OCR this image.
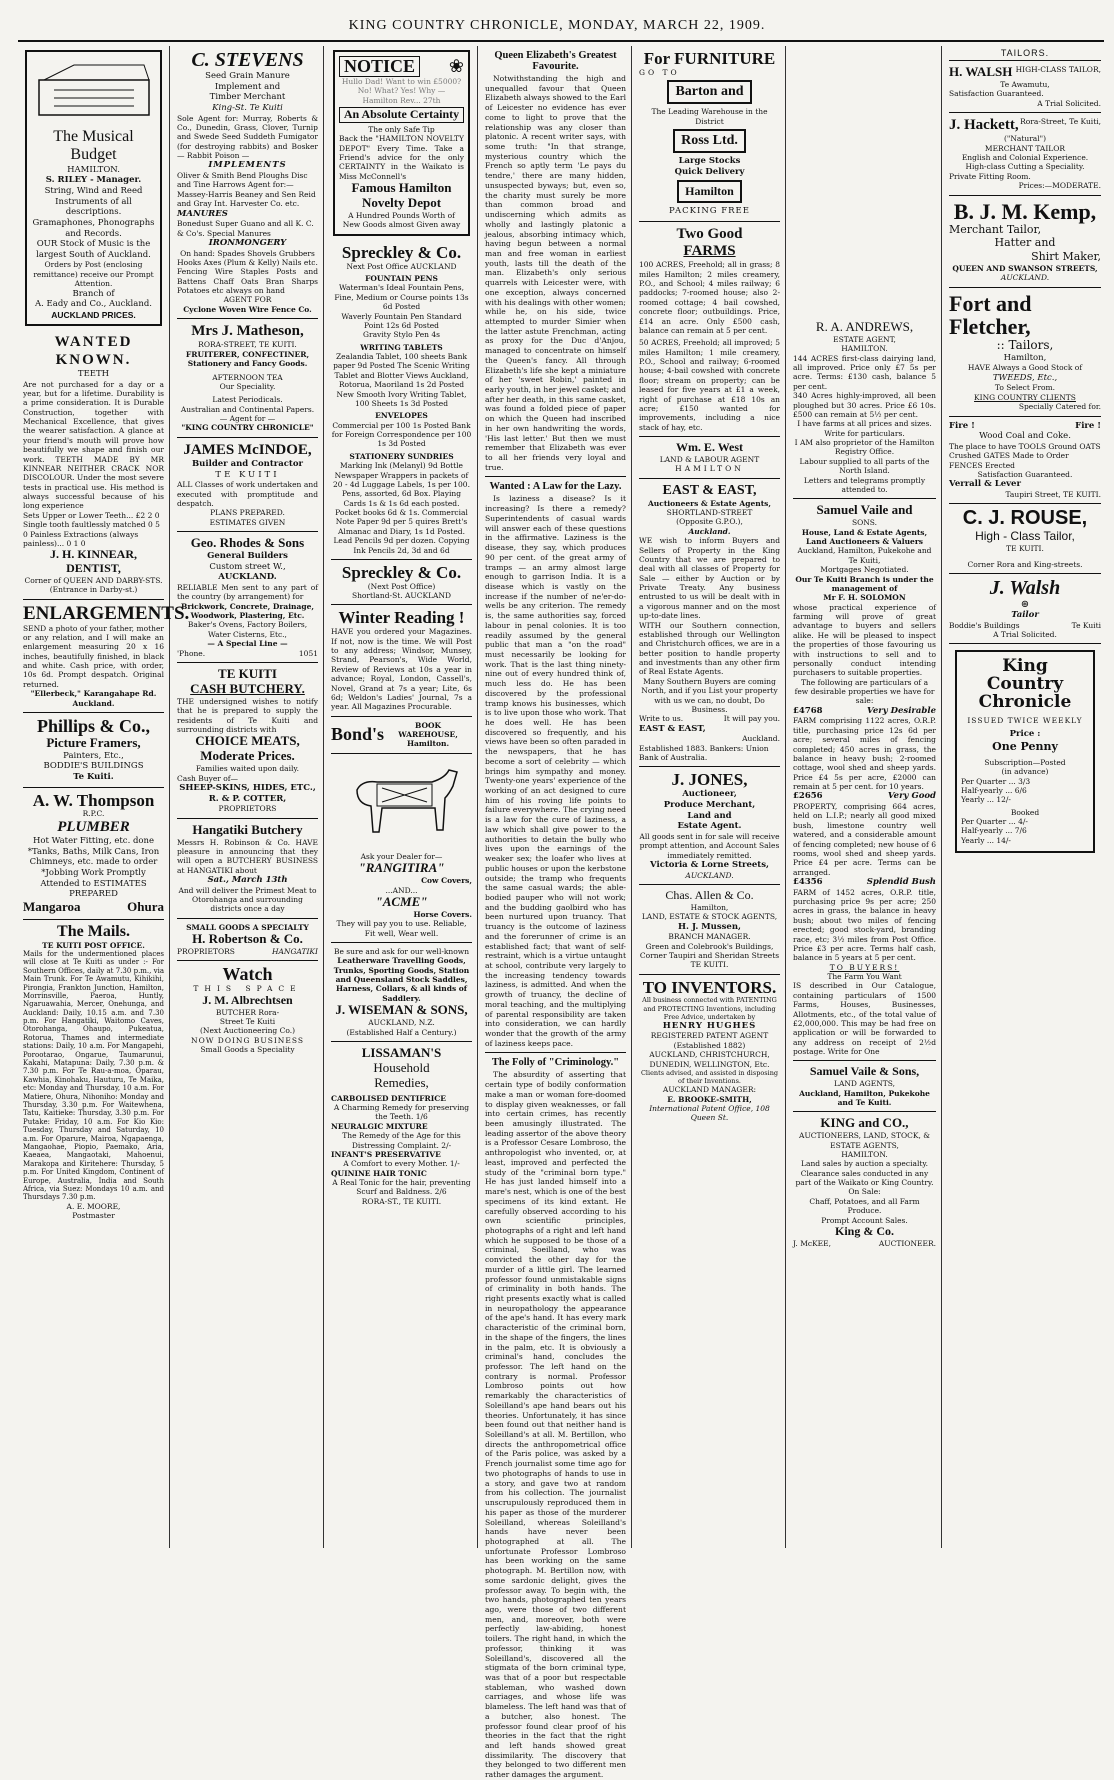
KING COUNTRY CHRONICLE, MONDAY, MARCH 22, 1909.
The Musical Budget
HAMILTON.
S. RILEY - Manager.
String, Wind and Reed
Instruments of all descriptions.
Gramaphones, Phonographs and Records.
OUR Stock of Music is the largest South of Auckland.
Orders by Post (enclosing remittance) receive our Prompt Attention.
Branch of
A. Eady and Co., Auckland.
AUCKLAND PRICES.
WANTED KNOWN.
TEETH
Are not purchased for a day or a year, but for a lifetime. Durability is a prime consideration. It is Durable Construction, together with Mechanical Excellence, that gives the wearer satisfaction. A glance at your friend's mouth will prove how beautifully we shape and finish our work. TEETH MADE BY MR KINNEAR NEITHER CRACK NOR DISCOLOUR. Under the most severe tests in practical use. His method is always successful because of his long experience
Sets Upper or Lower Teeth... £2 2 0 Single tooth faultlessly matched 0 5 0 Painless Extractions (always painless)... 0 1 0
J. H. KINNEAR, DENTIST,
Corner of QUEEN AND DARBY-STS. (Entrance in Darby-st.)
ENLARGEMENTS.
SEND a photo of your father, mother or any relation, and I will make an enlargement measuring 20 x 16 inches, beautifully finished, in black and white. Cash price, with order, 10s 6d. Prompt despatch. Original returned.
"Ellerbeck," Karangahape Rd. Auckland.
Phillips & Co.,
Picture Framers,
Painters, Etc.,
BODDIE'S BUILDINGS
Te Kuiti.
A. W. Thompson
R.P.C.
PLUMBER
Hot Water Fitting, etc. done *Tanks, Baths, Milk Cans, Iron Chimneys, etc. made to order *Jobbing Work Promptly Attended to ESTIMATES PREPARED
Mangaroa	Ohura
The Mails.
TE KUITI POST OFFICE.
Mails for the undermentioned places will close at Te Kuiti as under :- For Southern Offices, daily at 7.30 p.m., via Main Trunk. For Te Awamutu, Kihikihi, Pirongia, Frankton Junction, Hamilton, Morrinsville, Paeroa, Huntly, Ngaruawahia, Mercer, Onehunga, and Auckland: Daily, 10.15 a.m. and 7.30 p.m. For Hangatiki, Waitomo Caves, Otorohanga, Ohaupo, Pukeatua, Rotorua, Thames and intermediate stations: Daily, 10 a.m. For Mangapehi, Porootarao, Ongarue, Taumarunui, Kakahi, Matapuna: Daily, 7.30 p.m. & 7.30 p.m. For Te Rau-a-moa, Oparau, Kawhia, Kinohaku, Hauturu, Te Maika, etc: Monday and Thursday, 10 a.m. For Matiere, Ohura, Nihoniho: Monday and Thursday, 3.30 p.m. For Waitewhena, Tatu, Kaitieke: Thursday, 3.30 p.m. For Putake: Friday, 10 a.m. For Kio Kio: Tuesday, Thursday and Saturday, 10 a.m. For Oparure, Mairoa, Ngapaenga, Mangaohae, Piopio, Paemako, Aria, Kaeaea, Mangaotaki, Mahoenui, Marakopa and Kiritehere: Thursday, 5 p.m. For United Kingdom, Continent of Europe, Australia, India and South Africa, via Suez: Mondays 10 a.m. and Thursdays 7.30 p.m.
A. E. MOORE,
Postmaster
C. STEVENS
Seed Grain Manure
Implement and
Timber Merchant
King-St. Te Kuiti
Sole Agent for: Murray, Roberts & Co., Dunedin, Grass, Clover, Turnip and Swede Seed Suddeth Fumigator (for destroying rabbits) and Bosker — Rabbit Poison —
IMPLEMENTS
Oliver & Smith Bend Ploughs Disc and Tine Harrows Agent for:—Massey-Harris Beaney and Sen Reid and Gray Int. Harvester Co. etc.
MANURES
Bonedust Super Guano and all K. C. & Co's. Special Manures
IRONMONGERY
On hand: Spades Shovels Grubbers Hooks Axes (Plum & Kelly) Nails etc.
Fencing Wire Staples Posts and Battens Chaff Oats Bran Sharps Potatoes etc always on hand
AGENT FOR
Cyclone Woven Wire Fence Co.
Mrs J. Matheson,
RORA-STREET, TE KUITI.
FRUITERER, CONFECTINER,
Stationery and Fancy Goods.
AFTERNOON TEA
Our Speciality.
Latest Periodicals.
Australian and Continental Papers.
— Agent for —
"KING COUNTRY CHRONICLE"
JAMES McINDOE,
Builder and Contractor
TE KUITI
ALL Classes of work undertaken and executed with promptitude and despatch.
PLANS PREPARED.
ESTIMATES GIVEN
Geo. Rhodes & Sons
General Builders
Custom street W.,
AUCKLAND.
RELIABLE Men sent to any part of the country (by arrangement) for
Brickwork, Concrete, Drainage, Woodwork, Plastering, Etc.
Baker's Ovens, Factory Boilers, Water Cisterns, Etc.,
— A Special Line —
'Phone.	1051
TE KUITI
CASH BUTCHERY.
THE undersigned wishes to notify that he is prepared to supply the residents of Te Kuiti and surrounding districts with
CHOICE MEATS,
Moderate Prices.
Families waited upon daily.
Cash Buyer of—
SHEEP-SKINS, HIDES, ETC.,
R. & P. COTTER,
PROPRIETORS
Hangatiki Butchery
Messrs H. Robinson & Co. HAVE pleasure in announcing that they will open a BUTCHERY BUSINESS at HANGATIKI about
Sat., March 13th
And will deliver the Primest Meat to Otorohanga and surrounding districts once a day
SMALL GOODS A SPECIALTY
H. Robertson & Co.
PROPRIETORS	HANGATIKI
Watch
THIS SPACE
J. M. Albrechtsen
BUTCHER Rora-
Street Te Kuiti
(Next Auctioneering Co.)
NOW DOING BUSINESS
Small Goods a Speciality
NOTICE ❀
Hullo Dad! Want to win £5000? No! What? Yes! Why — Hamilton Rev... 27th
An Absolute Certainty
The only Safe Tip
Back the "HAMILTON NOVELTY DEPOT" Every Time. Take a Friend's advice for the only CERTAINTY in the Waikato is Miss McConnell's
Famous Hamilton Novelty Depot
A Hundred Pounds Worth of New Goods almost Given away
Spreckley & Co.
Next Post Office AUCKLAND
FOUNTAIN PENS
Waterman's Ideal Fountain Pens, Fine, Medium or Course points 13s 6d Posted
Waverly Fountain Pen Standard Point 12s 6d Posted
Gravity Stylo Pen 4s
WRITING TABLETS
Zealandia Tablet, 100 sheets Bank paper 9d Posted The Scenic Writing Tablet and Blotter Views Auckland, Rotorua, Maoriland 1s 2d Posted New Smooth Ivory Writing Tablet, 100 Sheets 1s 3d Posted
ENVELOPES
Commercial per 100 1s Posted Bank for Foreign Correspondence per 100 1s 3d Posted
STATIONERY SUNDRIES
Marking Ink (Melanyl) 9d Bottle Newspaper Wrappers in packets of 20 - 4d Luggage Labels, 1s per 100. Pens, assorted, 6d Box. Playing Cards 1s & 1s 6d each posted. Pocket books 6d & 1s. Commercial Note Paper 9d per 5 quires Brett's Almanac and Diary, 1s 1d Posted. Lead Pencils 9d per dozen. Copying Ink Pencils 2d, 3d and 6d
Spreckley & Co.
(Next Post Office)
Shortland-St. AUCKLAND
Winter Reading !
HAVE you ordered your Magazines. If not, now is the time. We will Post to any address; Windsor, Munsey, Strand, Pearson's, Wide World, Review of Reviews at 10s a year in advance; Royal, London, Cassell's, Novel, Grand at 7s a year; Lite, 6s 6d; Weldon's Ladies' Journal, 7s a year. All Magazines Procurable.
Bond's	BOOK WAREHOUSE,
Hamilton.
Ask your Dealer for—
"RANGITIRA"
Cow Covers,
...AND...
"ACME"
Horse Covers.
They will pay you to use. Reliable, Fit well, Wear well.
Be sure and ask for our well-known
Leatherware Travelling Goods, Trunks, Sporting Goods, Station and Queensland Stock Saddles, Harness, Collars, & all kinds of Saddlery.
J. WISEMAN & SONS,
AUCKLAND, N.Z.
(Established Half a Century.)
LISSAMAN'S
Household
Remedies,
CARBOLISED DENTIFRICE
A Charming Remedy for preserving the Teeth. 1/6
NEURALGIC MIXTURE
The Remedy of the Age for this Distressing Complaint. 2/-
INFANT'S PRESERVATIVE
A Comfort to every Mother. 1/-
QUININE HAIR TONIC
A Real Tonic for the hair, preventing Scurf and Baldness. 2/6
RORA-ST., TE KUITI.
Queen Elizabeth's Greatest Favourite.
Notwithstanding the high and unequalled favour that Queen Elizabeth always showed to the Earl of Leicester no evidence has ever come to light to prove that the relationship was any closer than platonic. A recent writer says, with some truth: "In that strange, mysterious country which the French so aptly term 'Le pays du tendre,' there are many hidden, unsuspected byways; but, even so, the charity must surely be more than common broad and undiscerning which admits as wholly and lastingly platonic a jealous, absorbing intimacy which, having begun between a normal man and free woman in earliest youth, lasts till the death of the man. Elizabeth's only serious quarrels with Leicester were, with one exception, always concerned with his dealings with other women; while he, on his side, twice attempted to murder Simier when the latter astute Frenchman, acting as proxy for the Duc d'Anjou, managed to concentrate on himself the Queen's fancy. All through Elizabeth's life she kept a miniature of her 'sweet Robin,' painted in early youth, in her jewel casket; and after her death, in this same casket, was found a folded piece of paper on which the Queen had inscribed in her own handwriting the words, 'His last letter.' But then we must remember that Elizabeth was ever to all her friends very loyal and true.
Wanted : A Law for the Lazy.
Is laziness a disease? Is it increasing? Is there a remedy? Superintendents of casual wards will answer each of these questions in the affirmative. Laziness is the disease, they say, which produces 90 per cent. of the great army of tramps — an army almost large enough to garrison India. It is a disease which is vastly on the increase if the number of ne'er-do-wells be any criterion. The remedy is, the same authorities say, forced labour in penal colonies. It is too readily assumed by the general public that man a "on the road" must necessarily be looking for work. That is the last thing ninety-nine out of every hundred think of, much less do. He has been discovered by the professional tramp knows his businesses, which is to live upon those who work. That he does well. He has been discovered so frequently, and his views have been so often paraded in the newspapers, that he has become a sort of celebrity — which brings him sympathy and money. Twenty-one years' experience of the working of an act designed to cure him of his roving life points to failure everywhere. The crying need is a law for the cure of laziness, a law which shall give power to the authorities to detain the bully who lives upon the earnings of the weaker sex; the loafer who lives at public houses or upon the kerbstone outside; the tramp who frequents the same casual wards; the able-bodied pauper who will not work; and the budding gaolbird who has been nurtured upon truancy. That truancy is the outcome of laziness and the forerunner of crime is an established fact; that want of self-restraint, which is a virtue untaught at school, contribute very largely to the increasing tendency towards laziness, is admitted. And when the growth of truancy, the decline of moral teaching, and the multiplying of parental responsibility are taken into consideration, we can hardly wonder that the growth of the army of laziness keeps pace.
The Folly of "Criminology."
The absurdity of asserting that certain type of bodily conformation make a man or woman fore-doomed to display given weaknesses, or fall into certain crimes, has recently been amusingly illustrated. The leading assertor of the above theory is a Professor Cesare Lombroso, the anthropologist who invented, or, at least, improved and perfected the study of the "criminal born type." He has just landed himself into a mare's nest, which is one of the best specimens of its kind extant. He carefully observed according to his own scientific principles, photographs of a right and left hand which he supposed to be those of a criminal, Soeilland, who was convicted the other day for the murder of a little girl. The learned professor found unmistakable signs of criminality in both hands. The right presents exactly what is called in neuropathology the appearance of the ape's hand. It has every mark characteristic of the criminal born, in the shape of the fingers, the lines in the palm, etc. It is obviously a criminal's hand, concludes the professor. The left hand on the contrary is normal. Professor Lombroso points out how remarkably the characteristics of Soleilland's ape hand bears out his theories. Unfortunately, it has since been found out that neither hand is Soleilland's at all. M. Bertillon, who directs the anthropometrical office of the Paris police, was asked by a French journalist some time ago for two photographs of hands to use in a story, and gave two at random from his collection. The journalist unscrupulously reproduced them in his paper as those of the murderer Soleilland, whereas Soleilland's hands have never been photographed at all. The unfortunate Professor Lombroso has been working on the same photograph. M. Bertillon now, with some sardonic delight, gives the professor away. To begin with, the two hands, photographed ten years ago, were those of two different men, and, moreover, both were perfectly law-abiding, honest toilers. The right hand, in which the professor, thinking it was Soleilland's, discovered all the stigmata of the born criminal type, was that of a poor but respectable stableman, who washed down carriages, and whose life was blameless. The left hand was that of a butcher, also honest. The professor found clear proof of his theories in the fact that the right and left hands showed great dissimilarity. The discovery that they belonged to two different men rather damages the argument.
For FURNITURE
GO TO
Barton and
The Leading Warehouse in the District
Ross Ltd.
Large Stocks
Quick Delivery
Hamilton
PACKING FREE
Two Good
FARMS
100 ACRES, Freehold; all in grass; 8 miles Hamilton; 2 miles creamery, P.O., and School; 4 miles railway; 6 paddocks; 7-roomed house; also 2-roomed cottage; 4 bail cowshed, concrete floor; outbuildings. Price, £14 an acre. Only £500 cash, balance can remain at 5 per cent.
50 ACRES, Freehold; all improved; 5 miles Hamilton; 1 mile creamery, P.O., School and railway; 6-roomed house; 4-bail cowshed with concrete floor; stream on property; can be leased for five years at £1 a week, right of purchase at £18 10s an acre; £150 wanted for improvements, including a nice stack of hay, etc.
Wm. E. West
LAND & LABOUR AGENT
HAMILTON
EAST & EAST,
Auctioneers & Estate Agents,
SHORTLAND-STREET
(Opposite G.P.O.),
Auckland.
WE wish to inform Buyers and Sellers of Property in the King Country that we are prepared to deal with all classes of Property for Sale — either by Auction or by Private Treaty. Any business entrusted to us will be dealt with in a vigorous manner and on the most up-to-date lines.
WITH our Southern connection, established through our Wellington and Christchurch offices, we are in a better position to handle property and investments than any other firm of Real Estate Agents.
Many Southern Buyers are coming North, and if you List your property with us we can, no doubt, Do Business.
Write to us.	It will pay you.
EAST & EAST,
Auckland.
Established 1883. Bankers: Union Bank of Australia.
J. JONES,
Auctioneer,
Produce Merchant,
Land and
Estate Agent.
All goods sent in for sale will receive prompt attention, and Account Sales immediately remitted.
Victoria & Lorne Streets,
AUCKLAND.
Chas. Allen & Co.
Hamilton,
LAND, ESTATE & STOCK AGENTS,
H. J. Mussen,
BRANCH MANAGER.
Green and Colebrook's Buildings, Corner Taupiri and Sheridan Streets
TE KUITI.
TO INVENTORS.
All business connected with PATENTING and PROTECTING Inventions, including Free Advice, undertaken by
HENRY HUGHES
REGISTERED PATENT AGENT
(Established 1882)
AUCKLAND, CHRISTCHURCH, DUNEDIN, WELLINGTON, Etc.
Clients advised, and assisted in disposing of their Inventions.
AUCKLAND MANAGER:
E. BROOKE-SMITH,
International Patent Office, 108 Queen St.
R. A. ANDREWS,
ESTATE AGENT,
HAMILTON.
144 ACRES first-class dairying land, all improved. Price only £7 5s per acre. Terms: £130 cash, balance 5 per cent.
340 Acres highly-improved, all been ploughed but 30 acres. Price £6 10s. £500 can remain at 5½ per cent.
I have farms at all prices and sizes. Write for particulars.
I AM also proprietor of the Hamilton Registry Office.
Labour supplied to all parts of the North Island.
Letters and telegrams promptly attended to.
Samuel Vaile and
SONS.
House, Land & Estate Agents,
Land Auctioneers & Valuers
Auckland, Hamilton, Pukekohe and Te Kuiti,
Mortgages Negotiated.
Our Te Kuiti Branch is under the management of
Mr F. H. SOLOMON
whose practical experience of farming will prove of great advantage to buyers and sellers alike. He will be pleased to inspect the properties of those favouring us with instructions to sell and to personally conduct intending purchasers to suitable properties.
The following are particulars of a few desirable properties we have for sale:
£4768	Very Desirable
FARM comprising 1122 acres, O.R.P. title, purchasing price 12s 6d per acre; several miles of fencing completed; 450 acres in grass, the balance in heavy bush; 2-roomed cottage, wool shed and sheep yards. Price £4 5s per acre, £2000 can remain at 5 per cent. for 10 years.
£2656	Very Good
PROPERTY, comprising 664 acres, held on L.I.P.; nearly all good mixed bush, limestone country well watered, and a considerable amount of fencing completed; new house of 6 rooms, wool shed and sheep yards. Price £4 per acre. Terms can be arranged.
£4356	Splendid Bush
FARM of 1452 acres, O.R.P. title, purchasing price 9s per acre; 250 acres in grass, the balance in heavy bush; about two miles of fencing erected; good stock-yard, branding race, etc; 3½ miles from Post Office. Price £3 per acre. Terms half cash, balance in 5 years at 5 per cent.
TO BUYERS!
The Farm You Want
IS described in Our Catalogue, containing particulars of 1500 Farms, Houses, Businesses, Allotments, etc., of the total value of £2,000,000. This may be had free on application or will be forwarded to any address on receipt of 2½d postage. Write for One
Samuel Vaile & Sons,
LAND AGENTS,
Auckland, Hamilton, Pukekohe
and Te Kuiti.
KING and CO.,
AUCTIONEERS, LAND, STOCK, & ESTATE AGENTS,
HAMILTON.
Land sales by auction a specialty.
Clearance sales conducted in any part of the Waikato or King Country.
On Sale:
Chaff, Potatoes, and all Farm Produce.
Prompt Account Sales.
King & Co.
J. McKEE,	AUCTIONEER.
TAILORS.
H. WALSH HIGH-CLASS TAILOR,
Te Awamutu,
Satisfaction Guaranteed.
A Trial Solicited.
J. Hackett, Rora-Street, Te Kuiti,
("Natural")
MERCHANT TAILOR
English and Colonial Experience.
High-class Cutting a Speciality.
Private Fitting Room.
Prices:—MODERATE.
B. J. M. Kemp,
Merchant Tailor,
Hatter and
Shirt Maker,
QUEEN AND SWANSON STREETS,
AUCKLAND.
Fort and
Fletcher,
:: Tailors,
Hamilton,
HAVE Always a Good Stock of
TWEEDS, Etc.,
To Select From.
KING COUNTRY CLIENTS
Specially Catered for.
Fire !	Fire !
Wood Coal and Coke.
The place to have TOOLS Ground OATS Crushed GATES Made to Order FENCES Erected
Satisfaction Guaranteed.
Verrall & Lever
Taupiri Street, TE KUITI.
C. J. ROUSE,
High - Class Tailor,
TE KUITI.
Corner Rora and King-streets.
J. Walsh
⊛
Tailor
Boddie's Buildings	Te Kuiti
A Trial Solicited.
King
Country
Chronicle
ISSUED TWICE WEEKLY
Price :
One Penny
Subscription—Posted
(in advance)
Per Quarter ... 3/3
Half-yearly ... 6/6
Yearly ... 12/-
Booked
Per Quarter ... 4/-
Half-yearly ... 7/6
Yearly ... 14/-
